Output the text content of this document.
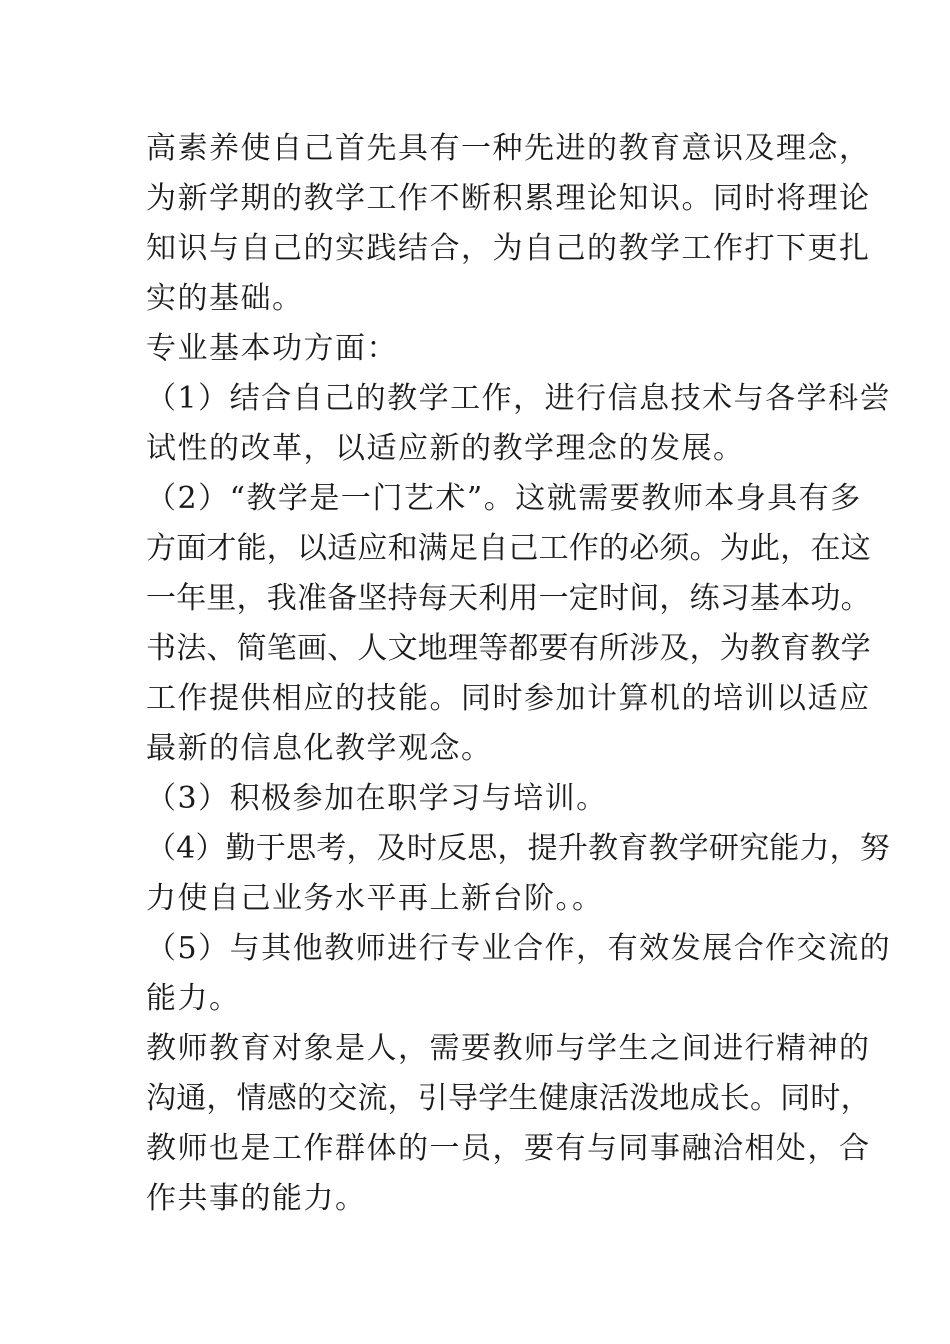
高素养使自己首先具有一种先进的教育意识及理念，
为新学期的教学工作不断积累理论知识。同时将理论
知识与自己的实践结合，为自己的教学工作打下更扎
实的基础。
专业基本功方面：
（1）结合自己的教学工作，进行信息技术与各学科尝
试性的改革，以适应新的教学理念的发展。
（2）“教学是一门艺术”。这就需要教师本身具有多
方面才能，以适应和满足自己工作的必须。为此，在这
一年里，我准备坚持每天利用一定时间，练习基本功。
书法、简笔画、人文地理等都要有所涉及，为教育教学
工作提供相应的技能。同时参加计算机的培训以适应
最新的信息化教学观念。
（3）积极参加在职学习与培训。
（4）勤于思考，及时反思，提升教育教学研究能力，努
力使自己业务水平再上新台阶。。
（5）与其他教师进行专业合作，有效发展合作交流的
能力。
教师教育对象是人，需要教师与学生之间进行精神的
沟通，情感的交流，引导学生健康活泼地成长。同时，
教师也是工作群体的一员，要有与同事融洽相处，合
作共事的能力。
